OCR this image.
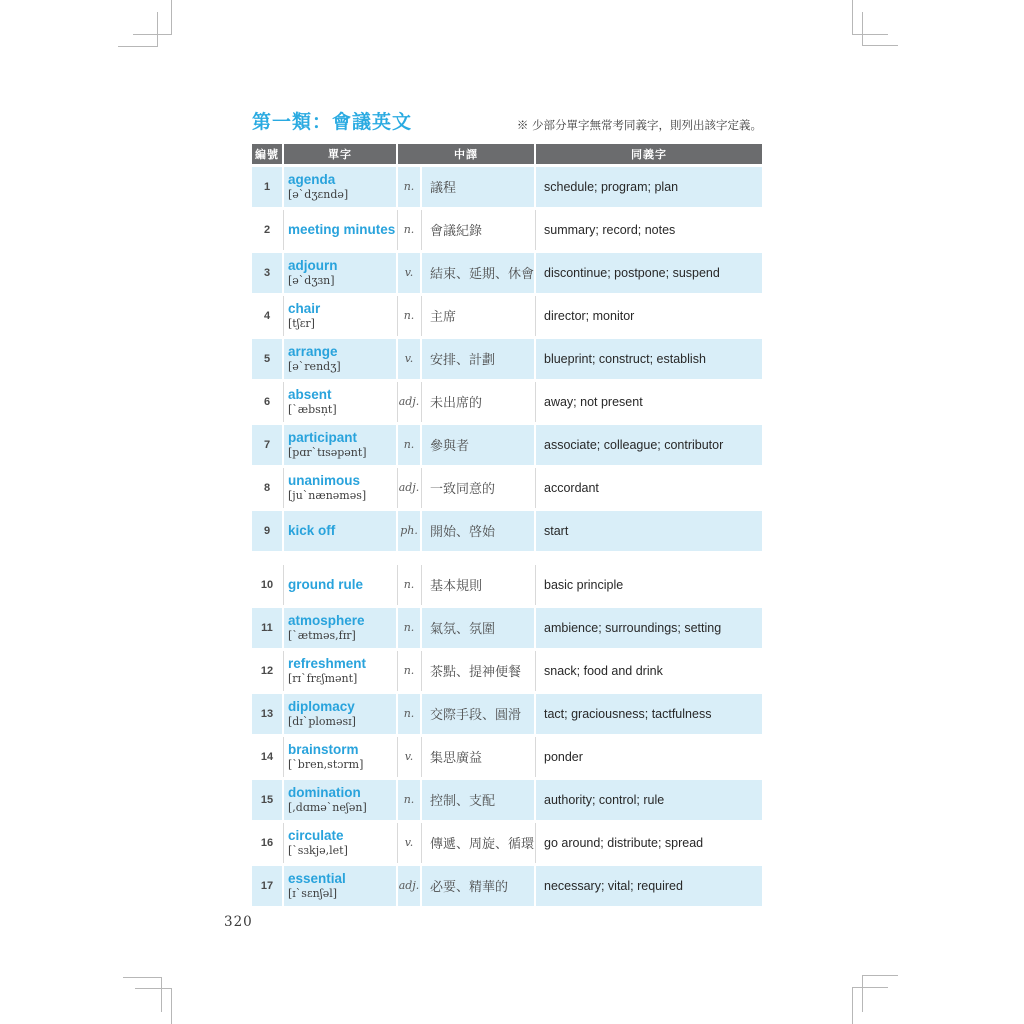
第一類：會議英文	※ 少部分單字無常考同義字，則列出該字定義。
編號	單字	中譯	同義字
1	agenda
[ə`dʒɛndə]
n.	議程	schedule; program; plan
2	meeting minutes n.	會議紀錄	summary; record; notes
3	adjourn
[ə`dʒɜn]
v.	結束、延期、休會 discontinue; postpone; suspend
4	chair
[tʃɛr]
n.	主席	director; monitor
5	arrange
[ə`rendʒ]
v.	安排、計劃	blueprint; construct; establish
6	absent
[`æbsṇt]
adj. 未出席的	away; not present
7	participant
[pɑr`tɪsəpənt]
n.	參與者	associate; colleague; contributor
8	unanimous
[ju`nænəməs]
adj. 一致同意的	accordant
9	kick off	ph. 開始、啓始	start
10	ground rule	n.	基本規則	basic principle
11	atmosphere
[`ætməs,fɪr]
n.	氣氛、氛圍	ambience; surroundings; setting
12	refreshment
[rɪ`frɛʃmənt]
n.	茶點、提神便餐	snack; food and drink
13	diplomacy
[dɪ`ploməsɪ]
n.	交際手段、圓滑	tact; graciousness; tactfulness
14	brainstorm
[`bren,stɔrm]
v.	集思廣益	ponder
15	domination
[,dɑmə`neʃən]
n.	控制、支配	authority; control; rule
16	circulate
[`sɜkjə,let]
v.	傳遞、周旋、循環 go around; distribute; spread
17	essential
[ɪ`sɛnʃəl]
adj. 必要、精華的	necessary; vital; required
320
